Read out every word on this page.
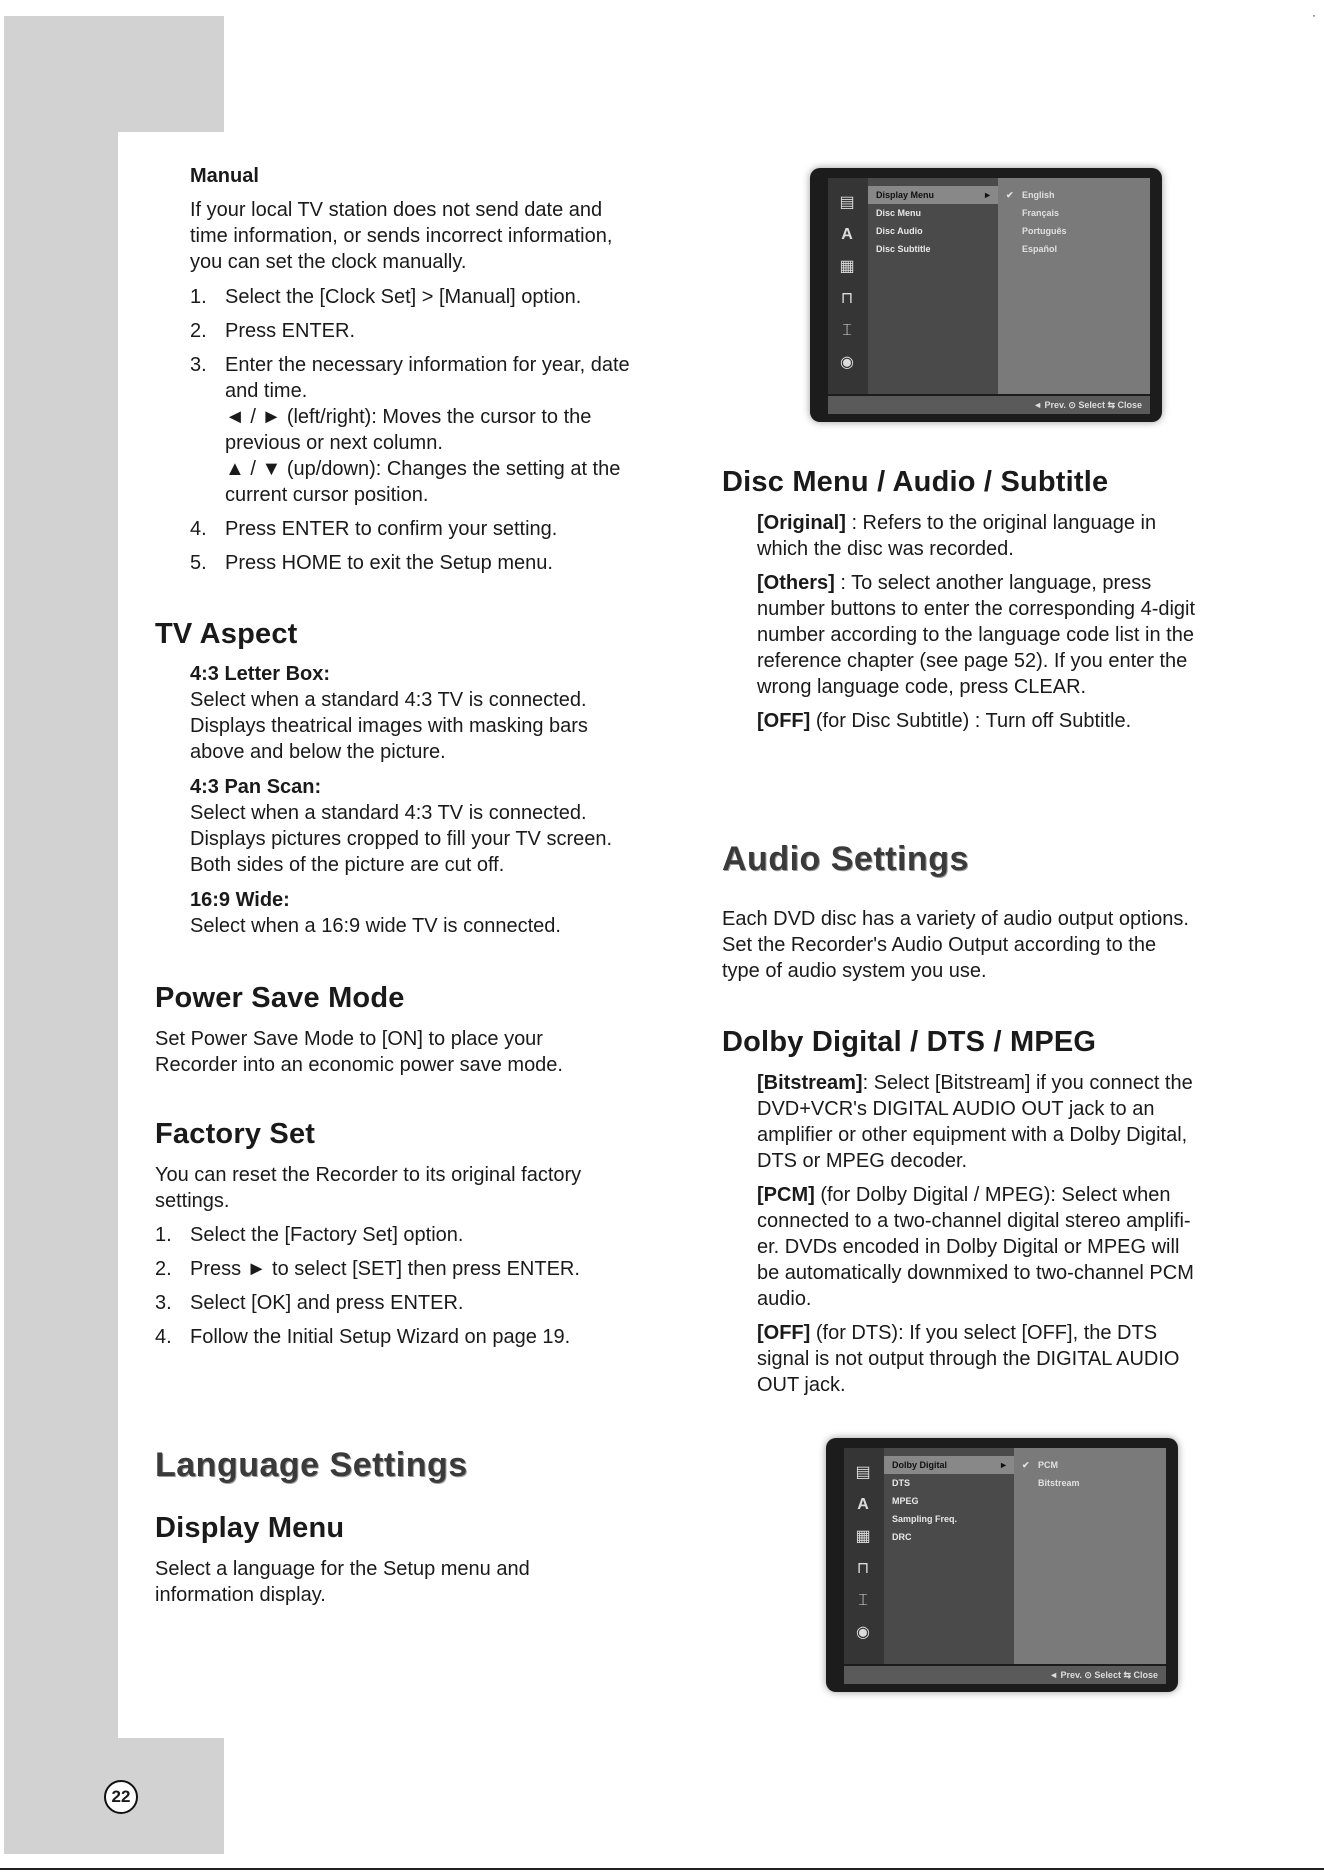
22
·

Manual

If your local TV station does not send date and

time information, or sends incorrect information,

you can set the clock manually.

1. Select the [Clock Set] > [Manual] option.
2. Press ENTER.
3. Enter the necessary information for year, date
and time.
◄ / ► (left/right): Moves the cursor to the
previous or next column.
▲ / ▼ (up/down): Changes the setting at the
current cursor position.
4. Press ENTER to confirm your setting.
5. Press HOME to exit the Setup menu.
TV Aspect

4:3 Letter Box:

Select when a standard 4:3 TV is connected.

Displays theatrical images with masking bars

above and below the picture.

4:3 Pan Scan:

Select when a standard 4:3 TV is connected.

Displays pictures cropped to fill your TV screen.

Both sides of the picture are cut off.

16:9 Wide:

Select when a 16:9 wide TV is connected.

Power Save Mode

Set Power Save Mode to [ON] to place your

Recorder into an economic power save mode.

Factory Set

You can reset the Recorder to its original factory

settings.

1. Select the [Factory Set] option.
2. Press ► to select [SET] then press ENTER.
3. Select [OK] and press ENTER.
4. Follow the Initial Setup Wizard on page 19.
Language Settings
Display Menu

Select a language for the Setup menu and

information display.

▤
A
▦
⊓
⌶
◉
Display Menu	►
Disc Menu
Disc Audio
Disc Subtitle
✔ English
Français
Português
Español
◄ Prev. ⊙ Select ⇆ Close
Disc Menu / Audio / Subtitle

[Original] : Refers to the original language in

which the disc was recorded.

[Others] : To select another language, press

number buttons to enter the corresponding 4-digit

number according to the language code list in the

reference chapter (see page 52). If you enter the

wrong language code, press CLEAR.

[OFF] (for Disc Subtitle) : Turn off Subtitle.

Audio Settings

Each DVD disc has a variety of audio output options.

Set the Recorder's Audio Output according to the

type of audio system you use.

Dolby Digital / DTS / MPEG

[Bitstream]: Select [Bitstream] if you connect the

DVD+VCR's DIGITAL AUDIO OUT jack to an

amplifier or other equipment with a Dolby Digital,

DTS or MPEG decoder.

[PCM] (for Dolby Digital / MPEG): Select when

connected to a two-channel digital stereo amplifi-

er. DVDs encoded in Dolby Digital or MPEG will

be automatically downmixed to two-channel PCM

audio.

[OFF] (for DTS): If you select [OFF], the DTS

signal is not output through the DIGITAL AUDIO

OUT jack.

▤
A
▦
⊓
⌶
◉
Dolby Digital	►
DTS
MPEG
Sampling Freq.
DRC
✔ PCM
Bitstream
◄ Prev. ⊙ Select ⇆ Close
